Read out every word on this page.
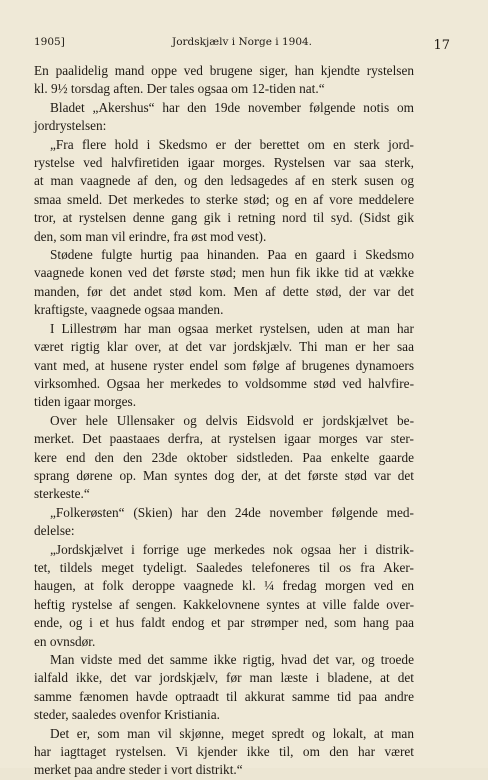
1905]	Jordskjælv i Norge i 1904.	17
En paalidelig mand oppe ved brugene siger, han kjendte rystelsen
kl. 9½ torsdag aften. Der tales ogsaa om 12-tiden nat.“
Bladet „Akershus“ har den 19de november følgende notis om
jordrystelsen:
„Fra flere hold i Skedsmo er der berettet om en sterk jord-
rystelse ved halvfiretiden igaar morges. Rystelsen var saa sterk,
at man vaagnede af den, og den ledsagedes af en sterk susen og
smaa smeld. Det merkedes to sterke stød; og en af vore meddelere
tror, at rystelsen denne gang gik i retning nord til syd. (Sidst gik
den, som man vil erindre, fra øst mod vest).
Stødene fulgte hurtig paa hinanden. Paa en gaard i Skedsmo
vaagnede konen ved det første stød; men hun fik ikke tid at vække
manden, før det andet stød kom. Men af dette stød, der var det
kraftigste, vaagnede ogsaa manden.
I Lillestrøm har man ogsaa merket rystelsen, uden at man har
været rigtig klar over, at det var jordskjælv. Thi man er her saa
vant med, at husene ryster endel som følge af brugenes dynamoers
virksomhed. Ogsaa her merkedes to voldsomme stød ved halvfire-
tiden igaar morges.
Over hele Ullensaker og delvis Eidsvold er jordskjælvet be-
merket. Det paastaaes derfra, at rystelsen igaar morges var ster-
kere end den den 23de oktober sidstleden. Paa enkelte gaarde
sprang dørene op. Man syntes dog der, at det første stød var det
sterkeste.“
„Folkerøsten“ (Skien) har den 24de november følgende med-
delelse:
„Jordskjælvet i forrige uge merkedes nok ogsaa her i distrik-
tet, tildels meget tydeligt. Saaledes telefoneres til os fra Aker-
haugen, at folk deroppe vaagnede kl. ¼ fredag morgen ved en
heftig rystelse af sengen. Kakkelovnene syntes at ville falde over-
ende, og i et hus faldt endog et par strømper ned, som hang paa
en ovnsdør.
Man vidste med det samme ikke rigtig, hvad det var, og troede
ialfald ikke, det var jordskjælv, før man læste i bladene, at det
samme fænomen havde optraadt til akkurat samme tid paa andre
steder, saaledes ovenfor Kristiania.
Det er, som man vil skjønne, meget spredt og lokalt, at man
har iagttaget rystelsen. Vi kjender ikke til, om den har været
merket paa andre steder i vort distrikt.“
